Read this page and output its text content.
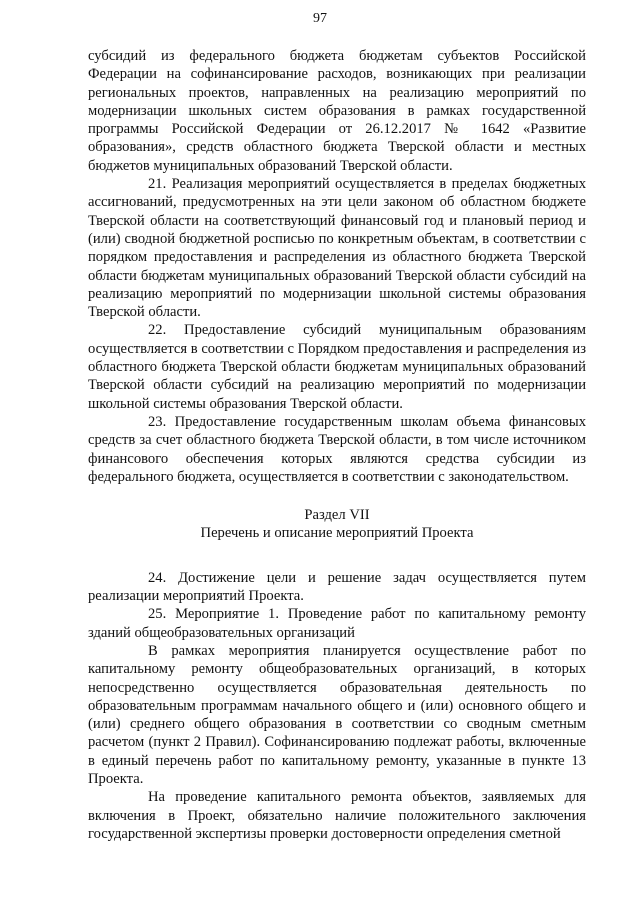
97

субсидий из федерального бюджета бюджетам субъектов Российской Федерации на софинансирование расходов, возникающих при реализации региональных проектов, направленных на реализацию мероприятий по модернизации школьных систем образования в рамках государственной программы Российской Федерации от 26.12.2017 № 1642 «Развитие образования», средств областного бюджета Тверской области и местных бюджетов муниципальных образований Тверской области.

21. Реализация мероприятий осуществляется в пределах бюджетных ассигнований, предусмотренных на эти цели законом об областном бюджете Тверской области на соответствующий финансовый год и плановый период и (или) сводной бюджетной росписью по конкретным объектам, в соответствии с порядком предоставления и распределения из областного бюджета Тверской области бюджетам муниципальных образований Тверской области субсидий на реализацию мероприятий по модернизации школьной системы образования Тверской области.

22. Предоставление субсидий муниципальным образованиям осуществляется в соответствии с Порядком предоставления и распределения из областного бюджета Тверской области бюджетам муниципальных образований Тверской области субсидий на реализацию мероприятий по модернизации школьной системы образования Тверской области.

23. Предоставление государственным школам объема финансовых средств за счет областного бюджета Тверской области, в том числе источником финансового обеспечения которых являются средства субсидии из федерального бюджета, осуществляется в соответствии с законодательством.

Раздел VII

Перечень и описание мероприятий Проекта

24. Достижение цели и решение задач осуществляется путем реализации мероприятий Проекта.

25. Мероприятие 1. Проведение работ по капитальному ремонту зданий общеобразовательных организаций

В рамках мероприятия планируется осуществление работ по капитальному ремонту общеобразовательных организаций, в которых непосредственно осуществляется образовательная деятельность по образовательным программам начального общего и (или) основного общего и (или) среднего общего образования в соответствии со сводным сметным расчетом (пункт 2 Правил). Софинансированию подлежат работы, включенные в единый перечень работ по капитальному ремонту, указанные в пункте 13 Проекта.

На проведение капитального ремонта объектов, заявляемых для включения в Проект, обязательно наличие положительного заключения государственной экспертизы проверки достоверности определения сметной
